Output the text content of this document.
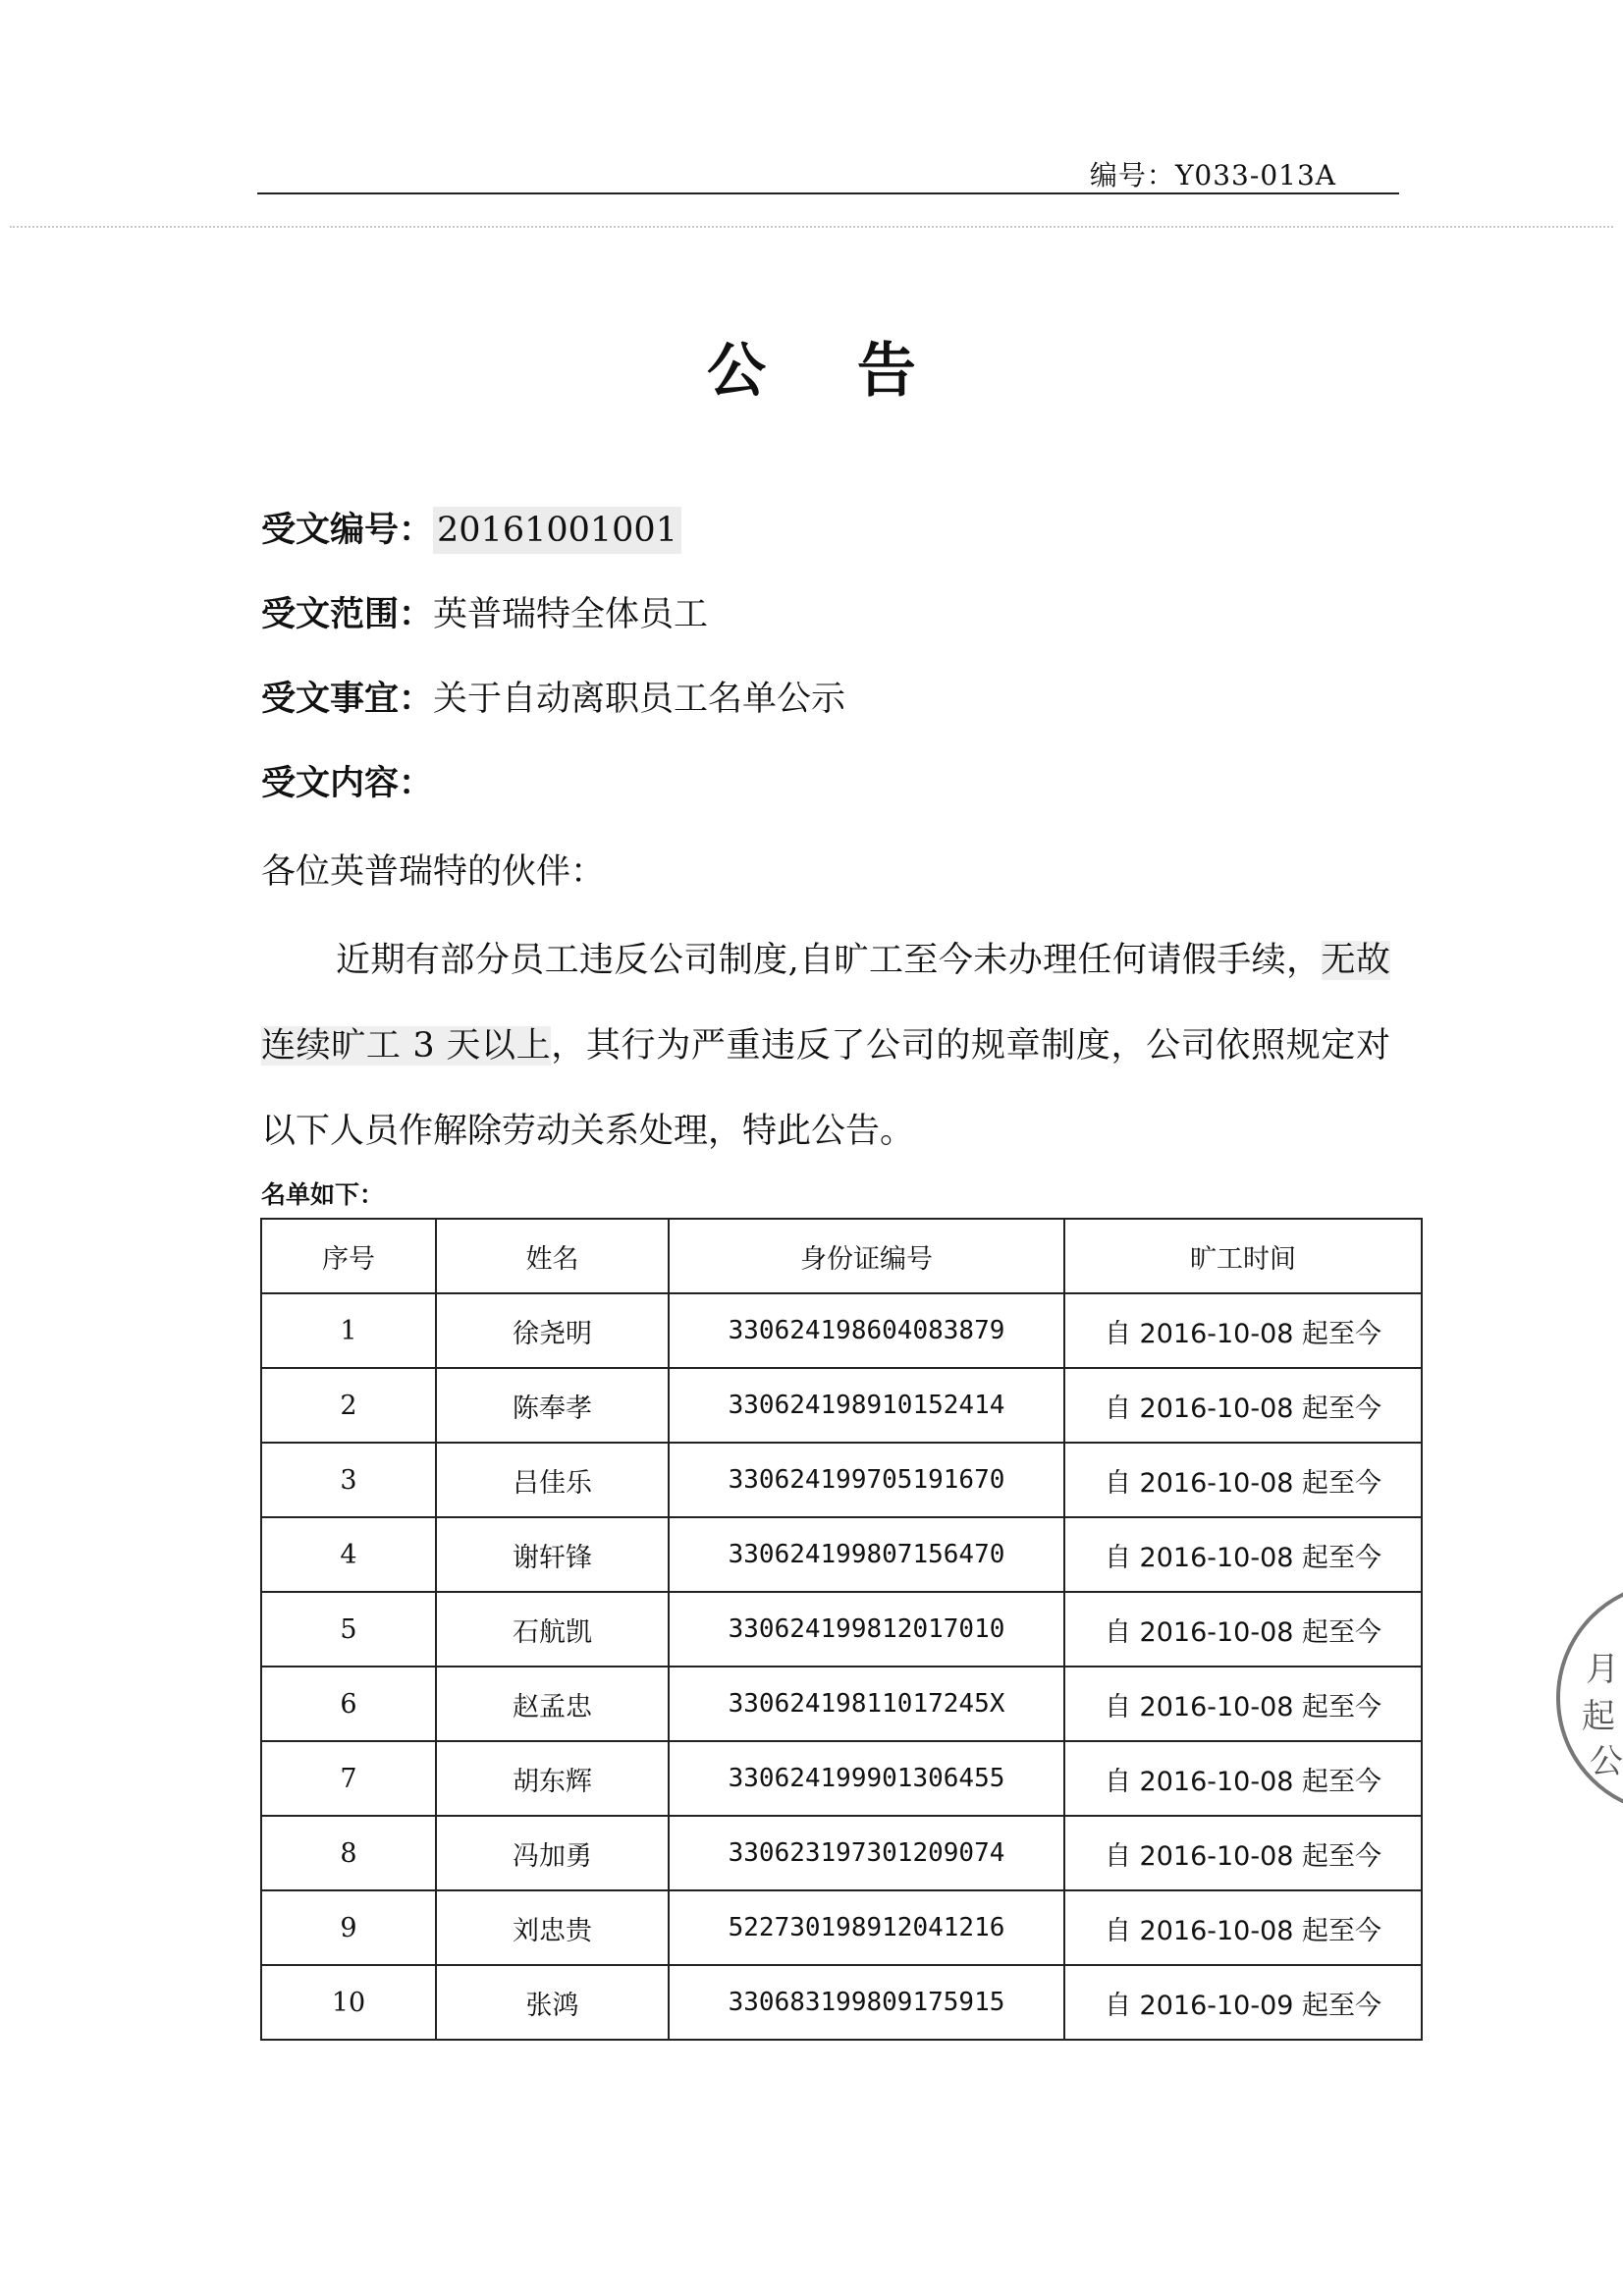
编号：Y033-013A
公 告
受文编号： 20161001001
受文范围：英普瑞特全体员工
受文事宜：关于自动离职员工名单公示
受文内容：
各位英普瑞特的伙伴：
近期有部分员工违反公司制度,自旷工至今未办理任何请假手续，无故连续旷工 3 天以上，其行为严重违反了公司的规章制度，公司依照规定对以下人员作解除劳动关系处理，特此公告。
名单如下：
序号	姓名	身份证编号	旷工时间
1	徐尧明	330624198604083879	自 2016-10-08 起至今
2	陈奉孝	330624198910152414	自 2016-10-08 起至今
3	吕佳乐	330624199705191670	自 2016-10-08 起至今
4	谢轩锋	330624199807156470	自 2016-10-08 起至今
5	石航凯	330624199812017010	自 2016-10-08 起至今
6	赵孟忠	33062419811017245X	自 2016-10-08 起至今
7	胡东辉	330624199901306455	自 2016-10-08 起至今
8	冯加勇	330623197301209074	自 2016-10-08 起至今
9	刘忠贵	522730198912041216	自 2016-10-08 起至今
10	张鸿	330683199809175915	自 2016-10-09 起至今
月
起
公
